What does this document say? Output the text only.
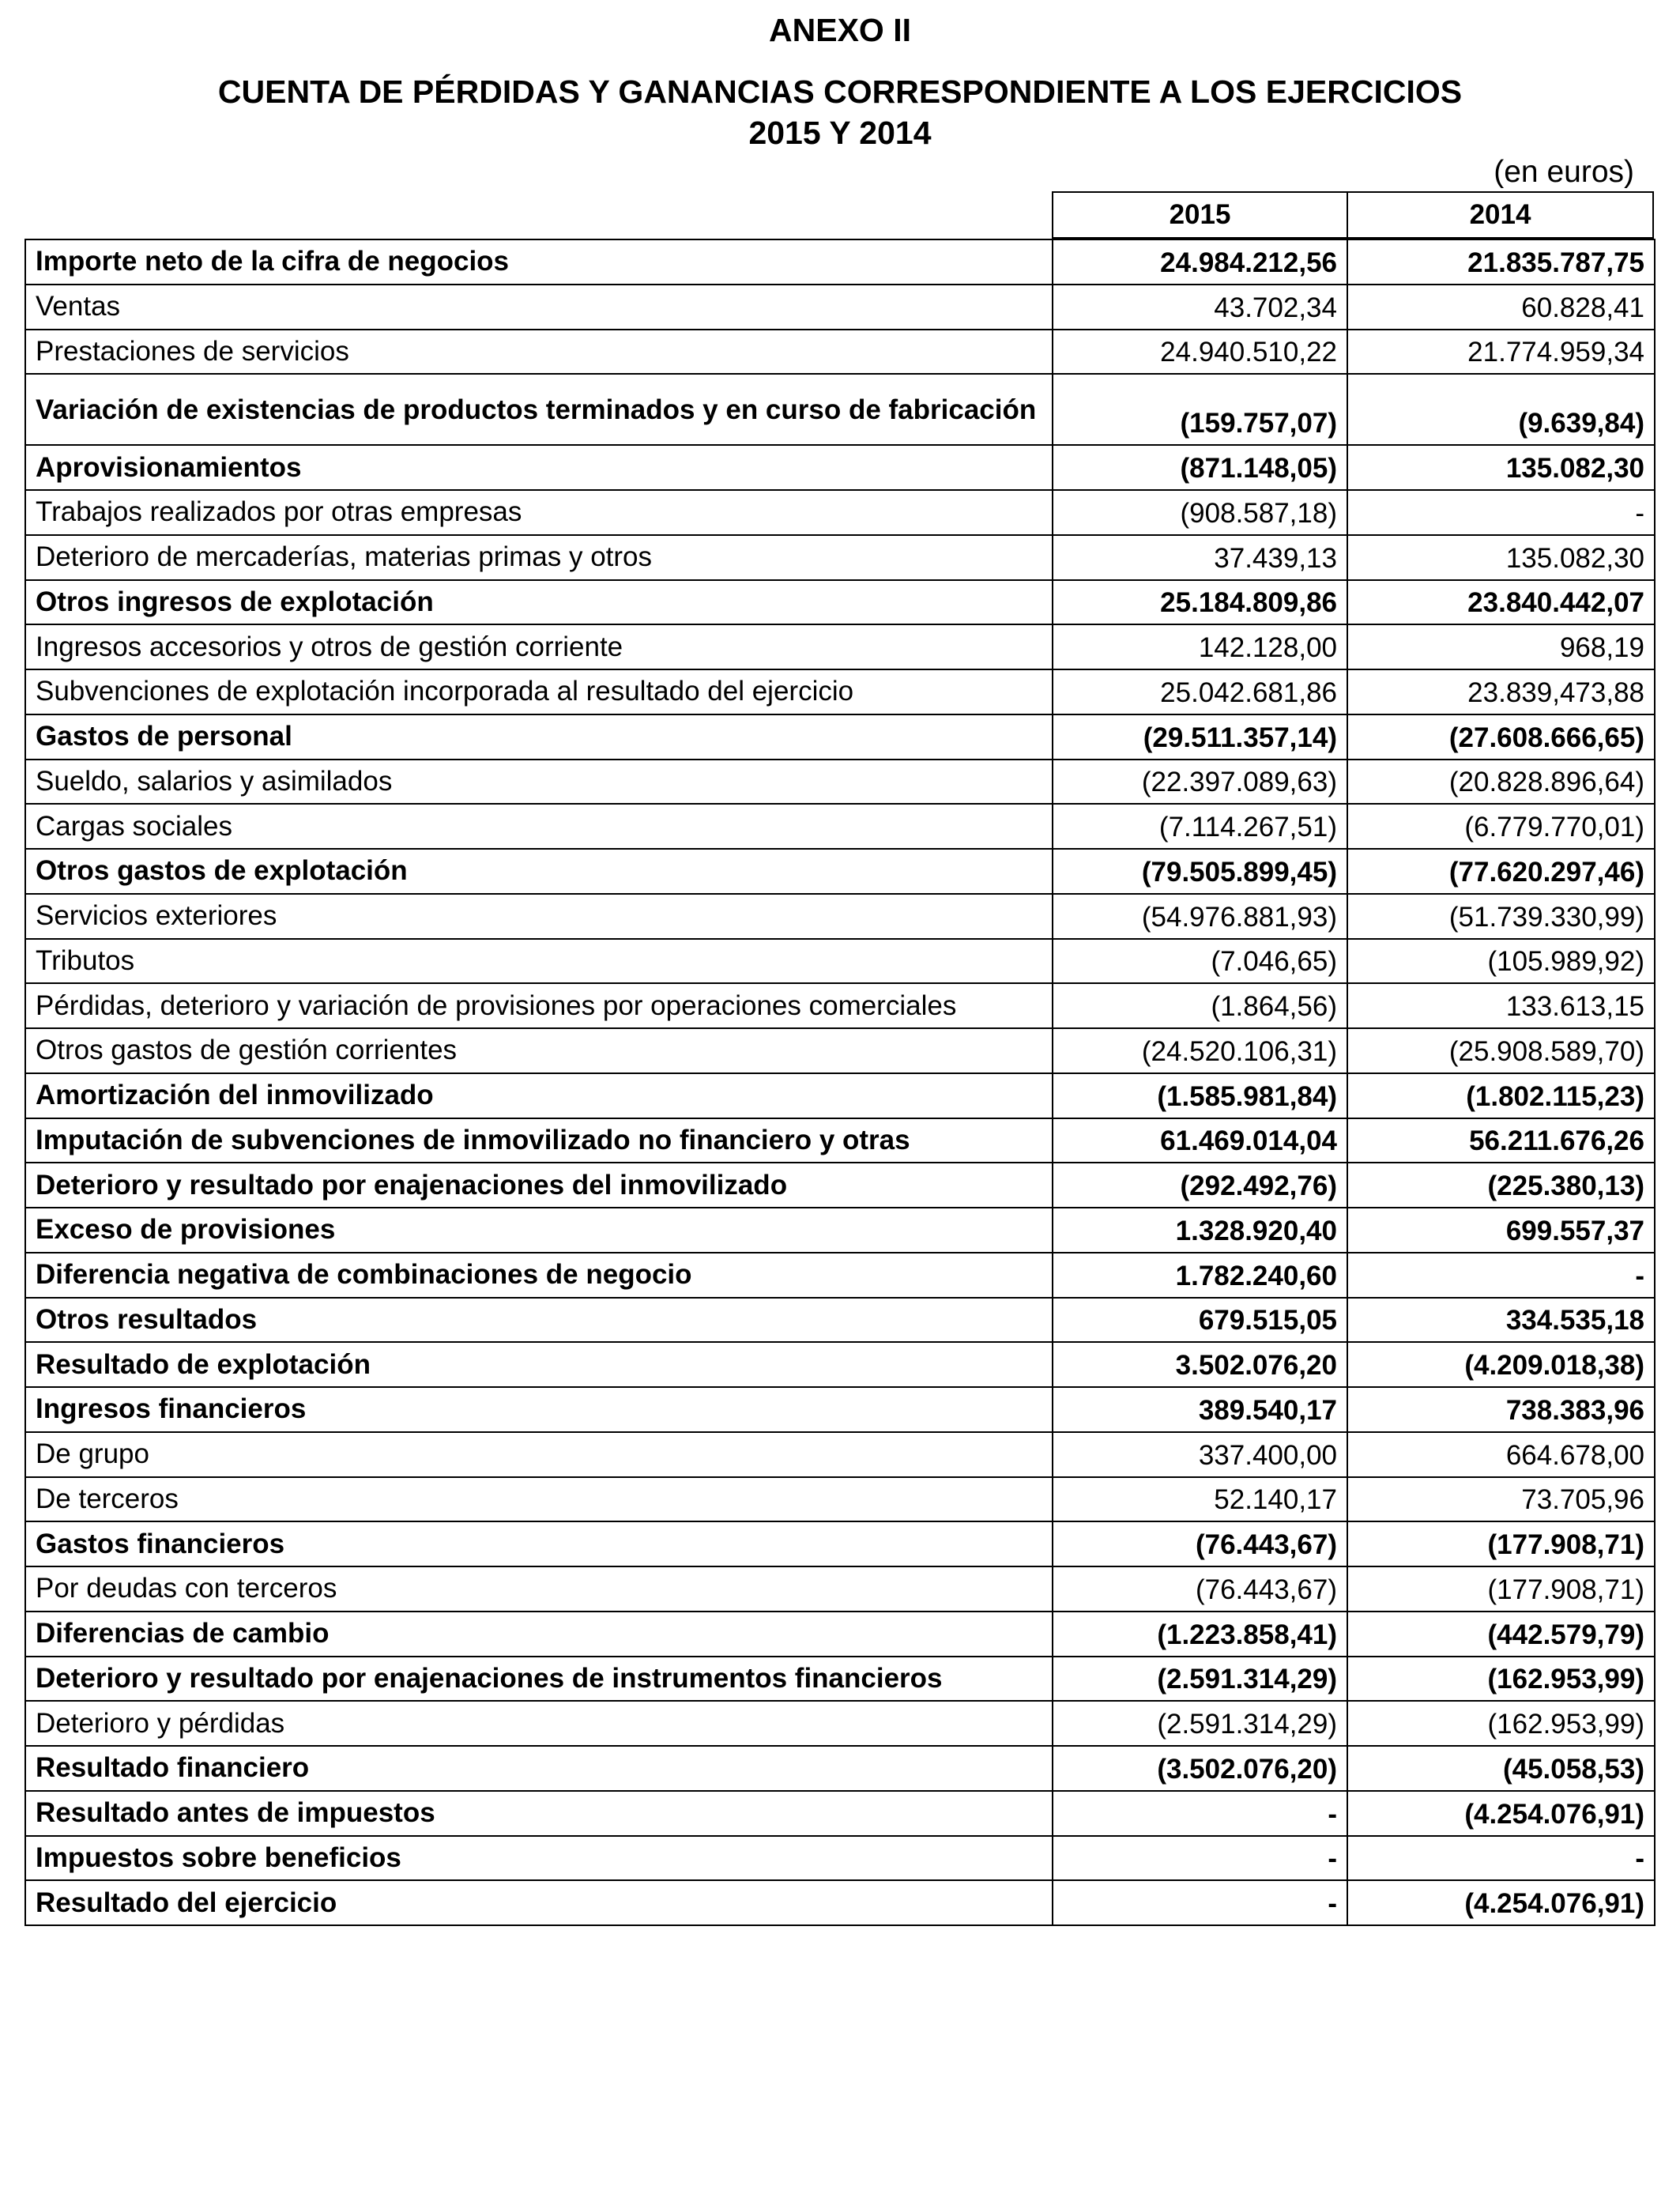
ANEXO II
CUENTA DE PÉRDIDAS Y GANANCIAS CORRESPONDIENTE A LOS EJERCICIOS
2015 Y 2014
(en euros)
2015	2014
Importe neto de la cifra de negocios	24.984.212,56	21.835.787,75
Ventas	43.702,34	60.828,41
Prestaciones de servicios	24.940.510,22	21.774.959,34
Variación de existencias de productos terminados y en curso de fabricación	(159.757,07)	(9.639,84)
Aprovisionamientos	(871.148,05)	135.082,30
Trabajos realizados por otras empresas	(908.587,18)	-
Deterioro de mercaderías, materias primas y otros	37.439,13	135.082,30
Otros ingresos de explotación	25.184.809,86	23.840.442,07
Ingresos accesorios y otros de gestión corriente	142.128,00	968,19
Subvenciones de explotación incorporada al resultado del ejercicio	25.042.681,86	23.839,473,88
Gastos de personal	(29.511.357,14)	(27.608.666,65)
Sueldo, salarios y asimilados	(22.397.089,63)	(20.828.896,64)
Cargas sociales	(7.114.267,51)	(6.779.770,01)
Otros gastos de explotación	(79.505.899,45)	(77.620.297,46)
Servicios exteriores	(54.976.881,93)	(51.739.330,99)
Tributos	(7.046,65)	(105.989,92)
Pérdidas, deterioro y variación de provisiones por operaciones comerciales	(1.864,56)	133.613,15
Otros gastos de gestión corrientes	(24.520.106,31)	(25.908.589,70)
Amortización del inmovilizado	(1.585.981,84)	(1.802.115,23)
Imputación de subvenciones de inmovilizado no financiero y otras	61.469.014,04	56.211.676,26
Deterioro y resultado por enajenaciones del inmovilizado	(292.492,76)	(225.380,13)
Exceso de provisiones	1.328.920,40	699.557,37
Diferencia negativa de combinaciones de negocio	1.782.240,60	-
Otros resultados	679.515,05	334.535,18
Resultado de explotación	3.502.076,20	(4.209.018,38)
Ingresos financieros	389.540,17	738.383,96
De grupo	337.400,00	664.678,00
De terceros	52.140,17	73.705,96
Gastos financieros	(76.443,67)	(177.908,71)
Por deudas con terceros	(76.443,67)	(177.908,71)
Diferencias de cambio	(1.223.858,41)	(442.579,79)
Deterioro y resultado por enajenaciones de instrumentos financieros	(2.591.314,29)	(162.953,99)
Deterioro y pérdidas	(2.591.314,29)	(162.953,99)
Resultado financiero	(3.502.076,20)	(45.058,53)
Resultado antes de impuestos	-	(4.254.076,91)
Impuestos sobre beneficios	-	-
Resultado del ejercicio	-	(4.254.076,91)
